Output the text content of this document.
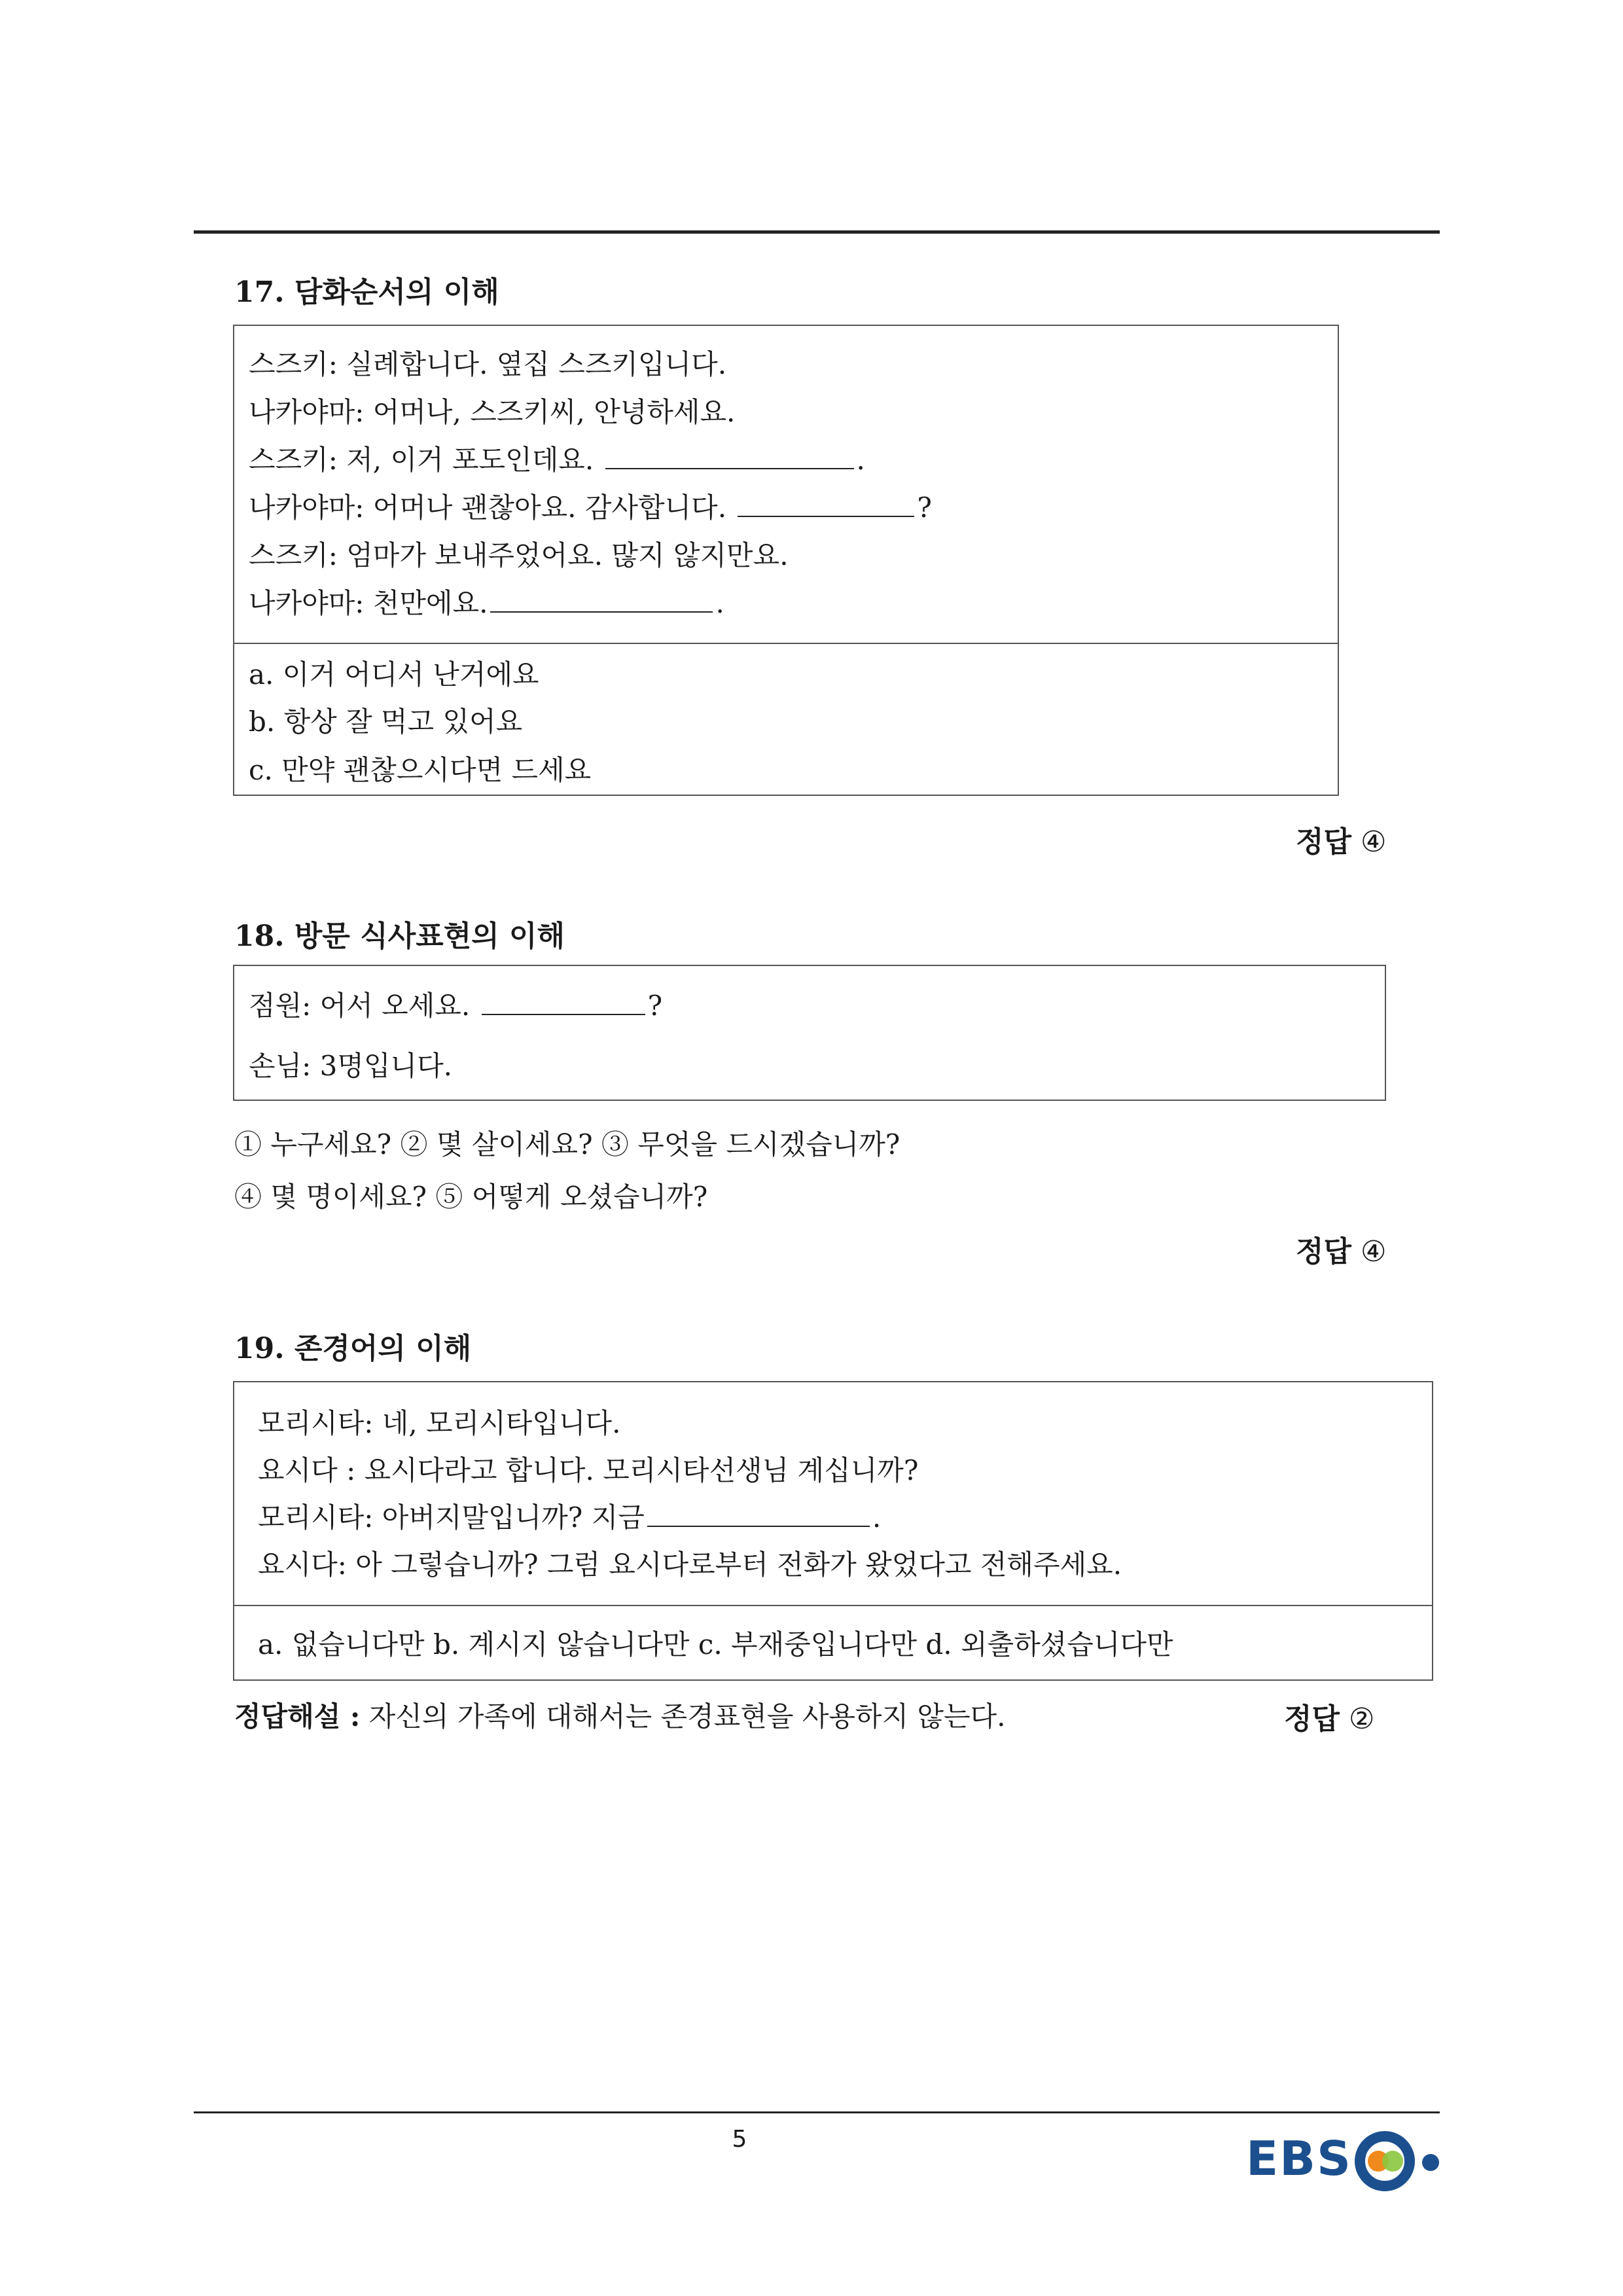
17. 담화순서의 이해
스즈키: 실례합니다. 옆집 스즈키입니다.
나카야마: 어머나, 스즈키씨, 안녕하세요.
스즈키: 저, 이거 포도인데요.	.
나카야마: 어머나 괜찮아요. 감사합니다.	?
스즈키: 엄마가 보내주었어요. 많지 않지만요.
나카야마: 천만에요.	.
a. 이거 어디서 난거에요
b. 항상 잘 먹고 있어요
c. 만약 괜찮으시다면 드세요
정답 ④
18. 방문 식사표현의 이해
점원: 어서 오세요.	?
손님: 3명입니다.
① 누구세요? ② 몇 살이세요? ③ 무엇을 드시겠습니까?
④ 몇 명이세요? ⑤ 어떻게 오셨습니까?
정답 ④
19. 존경어의 이해
모리시타: 네, 모리시타입니다.
요시다 : 요시다라고 합니다. 모리시타선생님 계십니까?
모리시타: 아버지말입니까? 지금	.
요시다: 아 그렇습니까? 그럼 요시다로부터 전화가 왔었다고 전해주세요.
a. 없습니다만 b. 계시지 않습니다만 c. 부재중입니다만 d. 외출하셨습니다만
정답해설 : 자신의 가족에 대해서는 존경표현을 사용하지 않는다.	정답 ②
5	EBS
